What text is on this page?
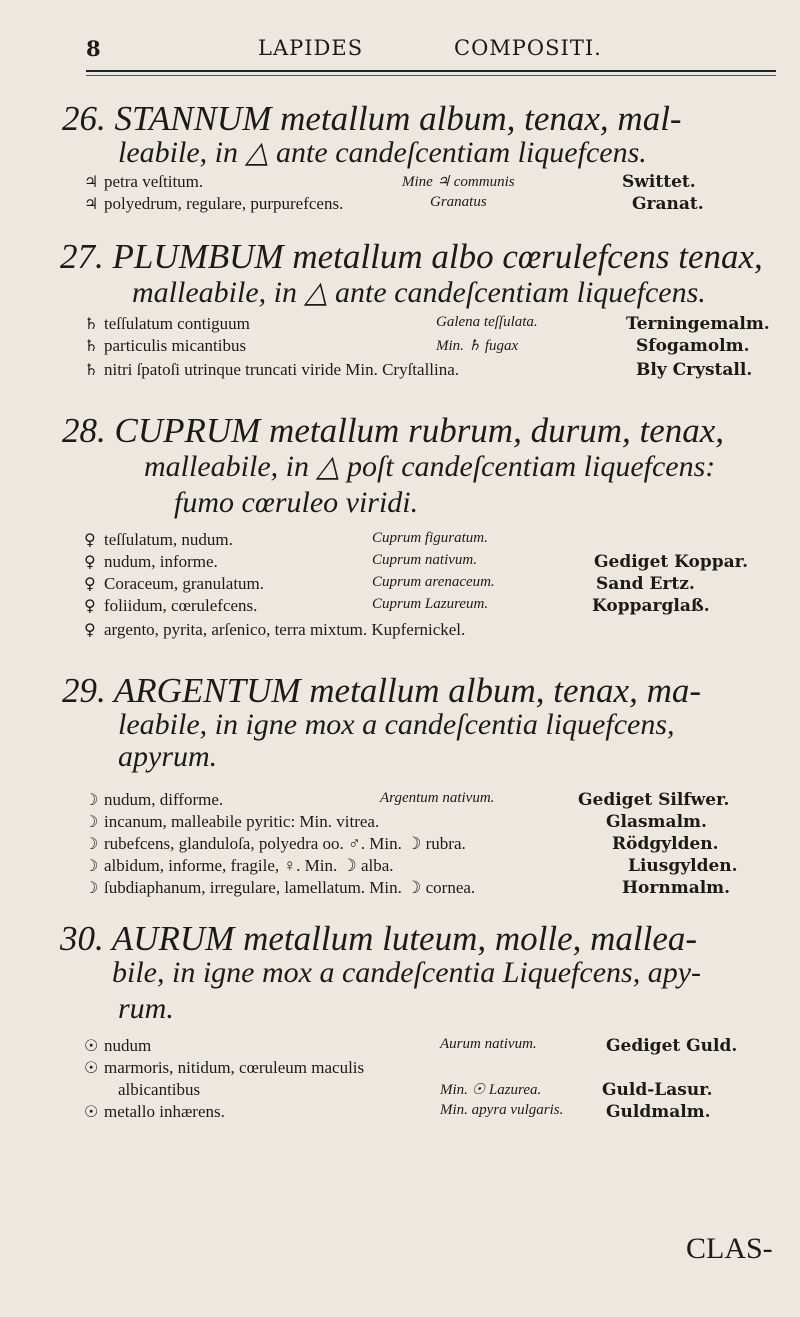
8	LAPIDES	COMPOSITI.
26. STANNUM metallum album, tenax, mal-
leabile, in △ ante candeſcentiam liquefcens.
♃ petra veſtitum.	Mine ♃ communis	Swittet.
♃ polyedrum, regulare, purpurefcens.	Granatus	Granat.
27. PLUMBUM metallum albo cœrulefcens tenax,
malleabile, in △ ante candeſcentiam liquefcens.
♄ teſſulatum contiguum	Galena teſſulata.	Terningemalm.
♄ particulis micantibus	Min. ♄ fugax	Sfogamolm.
♄ nitri ſpatoſi utrinque truncati viride Min. Cryſtallina.	Bly Crystall.
28. CUPRUM metallum rubrum, durum, tenax,
malleabile, in △ poſt candeſcentiam liquefcens:
fumo cœruleo viridi.
♀ teſſulatum, nudum.	Cuprum figuratum.
♀ nudum, informe.	Cuprum nativum.	Gediget Koppar.
♀ Coraceum, granulatum.	Cuprum arenaceum.	Sand Ertz.
♀ foliidum, cœrulefcens.	Cuprum Lazureum.	Kopparglaß.
♀ argento, pyrita, arſenico, terra mixtum. Kupfernickel.
29. ARGENTUM metallum album, tenax, ma-
leabile, in igne mox a candeſcentia liquefcens,
apyrum.
☽ nudum, difforme.	Argentum nativum.	Gediget Silfwer.
☽ incanum, malleabile pyritic: Min. vitrea.	Glasmalm.
☽ rubefcens, glanduloſa, polyedra oo. ♂. Min. ☽ rubra.	Rödgylden.
☽ albidum, informe, fragile, ♀. Min. ☽ alba.	Liusgylden.
☽ ſubdiaphanum, irregulare, lamellatum. Min. ☽ cornea.	Hornmalm.
30. AURUM metallum luteum, molle, mallea-
bile, in igne mox a candeſcentia Liquefcens, apy-
rum.
☉ nudum	Aurum nativum.	Gediget Guld.
☉ marmoris, nitidum, cœruleum maculis
albicantibus	Min. ☉ Lazurea.	Guld-Lasur.
☉ metallo inhærens.	Min. apyra vulgaris.	Guldmalm.
CLAS-
